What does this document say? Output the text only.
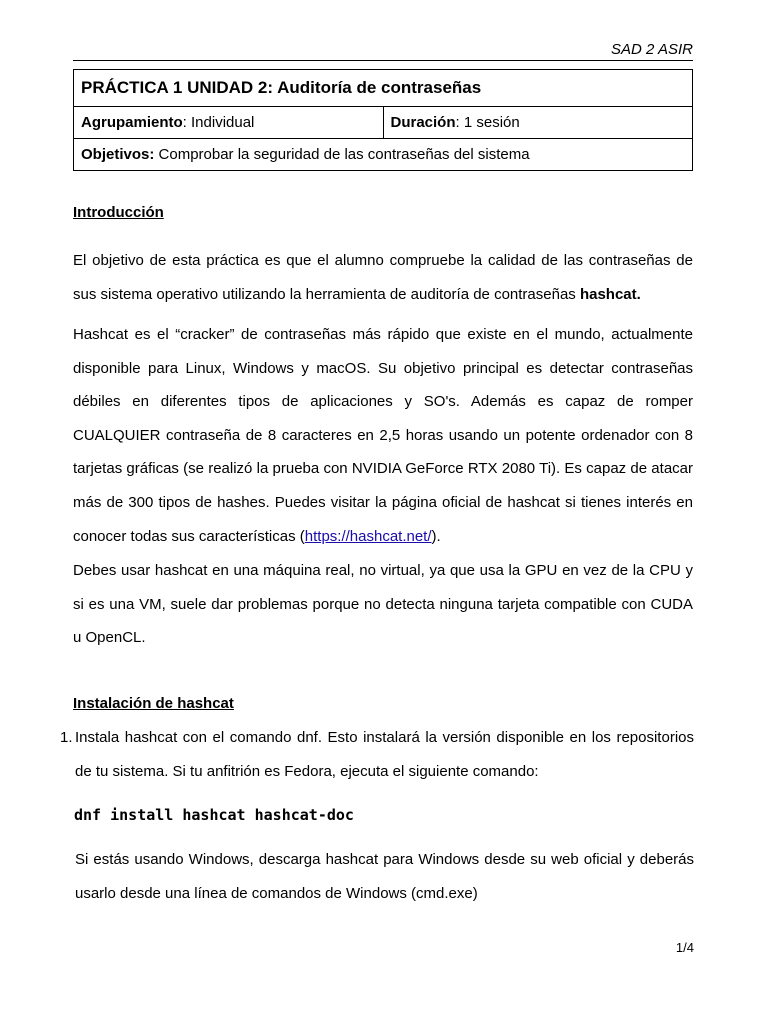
SAD 2 ASIR
PRÁCTICA 1 UNIDAD 2: Auditoría de contraseñas
Agrupamiento: Individual	Duración: 1 sesión
Objetivos: Comprobar la seguridad de las contraseñas del sistema
Introducción

El objetivo de esta práctica es que el alumno compruebe la calidad de las contraseñas de sus sistema operativo utilizando la herramienta de auditoría de contraseñas hashcat.

Hashcat es el “cracker” de contraseñas más rápido que existe en el mundo, actualmente disponible para Linux, Windows y macOS. Su objetivo principal es detectar contraseñas débiles en diferentes tipos de aplicaciones y SO's. Además es capaz de romper CUALQUIER contraseña de 8 caracteres en 2,5 horas usando un potente ordenador con 8 tarjetas gráficas (se realizó la prueba con NVIDIA GeForce RTX 2080 Ti). Es capaz de atacar más de 300 tipos de hashes. Puedes visitar la página oficial de hashcat si tienes interés en conocer todas sus características (https://hashcat.net/).

Debes usar hashcat en una máquina real, no virtual, ya que usa la GPU en vez de la CPU y si es una VM, suele dar problemas porque no detecta ninguna tarjeta compatible con CUDA u OpenCL.

Instalación de hashcat
1. Instala hashcat con el comando dnf. Esto instalará la versión disponible en los repositorios de tu sistema. Si tu anfitrión es Fedora, ejecuta el siguiente comando:
dnf install hashcat hashcat-doc

Si estás usando Windows, descarga hashcat para Windows desde su web oficial y deberás usarlo desde una línea de comandos de Windows (cmd.exe)

1/4
